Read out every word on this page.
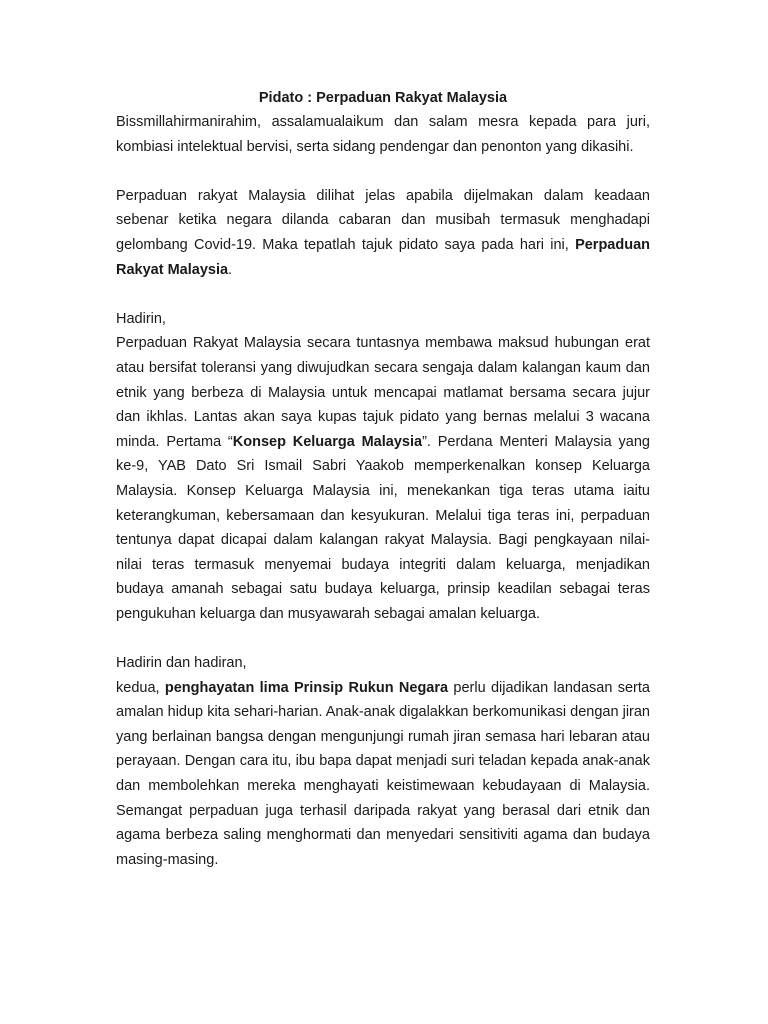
Pidato : Perpaduan Rakyat Malaysia

Bissmillahirmanirahim, assalamualaikum dan salam mesra kepada para juri, kombiasi intelektual bervisi, serta sidang pendengar dan penonton yang dikasihi.

Perpaduan rakyat Malaysia dilihat jelas apabila dijelmakan dalam keadaan sebenar ketika negara dilanda cabaran dan musibah termasuk menghadapi gelombang Covid-19. Maka tepatlah tajuk pidato saya pada hari ini, Perpaduan Rakyat Malaysia.

Hadirin,

Perpaduan Rakyat Malaysia secara tuntasnya membawa maksud hubungan erat atau bersifat toleransi yang diwujudkan secara sengaja dalam kalangan kaum dan etnik yang berbeza di Malaysia untuk mencapai matlamat bersama secara jujur dan ikhlas. Lantas akan saya kupas tajuk pidato yang bernas melalui 3 wacana minda. Pertama “Konsep Keluarga Malaysia”. Perdana Menteri Malaysia yang ke-9, YAB Dato Sri Ismail Sabri Yaakob memperkenalkan konsep Keluarga Malaysia. Konsep Keluarga Malaysia ini, menekankan tiga teras utama iaitu keterangkuman, kebersamaan dan kesyukuran. Melalui tiga teras ini, perpaduan tentunya dapat dicapai dalam kalangan rakyat Malaysia. Bagi pengkayaan nilai-nilai teras termasuk menyemai budaya integriti dalam keluarga, menjadikan budaya amanah sebagai satu budaya keluarga, prinsip keadilan sebagai teras pengukuhan keluarga dan musyawarah sebagai amalan keluarga.

Hadirin dan hadiran,

kedua, penghayatan lima Prinsip Rukun Negara perlu dijadikan landasan serta amalan hidup kita sehari-harian. Anak-anak digalakkan berkomunikasi dengan jiran yang berlainan bangsa dengan mengunjungi rumah jiran semasa hari lebaran atau perayaan. Dengan cara itu, ibu bapa dapat menjadi suri teladan kepada anak-anak dan membolehkan mereka menghayati keistimewaan kebudayaan di Malaysia. Semangat perpaduan juga terhasil daripada rakyat yang berasal dari etnik dan agama berbeza saling menghormati dan menyedari sensitiviti agama dan budaya masing-masing.
